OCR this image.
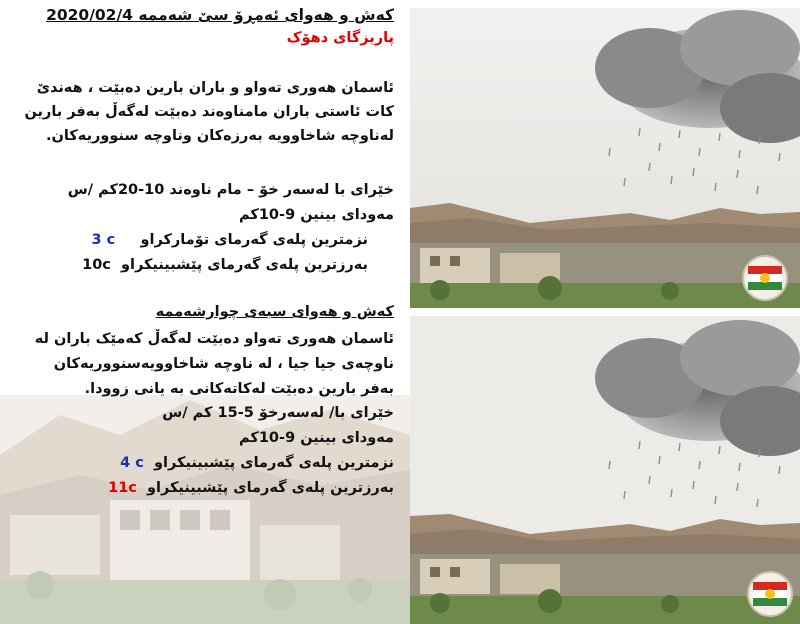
کەش و هەوای ئەمڕۆ سێ شەممە 2020/02/4
پاریزگای دهۆک
ئاسمان هەوری تەواو و باران بارین دەبێت ، هەندێ
کات ئاستی باران مامناوەند دەبێت لەگەڵ بەفر بارین
لەناوچە شاخاوویە بەرزەکان وناوچە سنووریەکان.
خێرای با لەسەر خۆ – مام ناوەند 10-20کم /س
مەودای بینین 9-10کم
نزمترین پلەی گەرمای تۆمارکراو     3 c
بەرزترین پلەی گەرمای پێشبینیکراو  10c
کەش و هەوای سبەی چوارشەممە
ئاسمان هەوری تەواو دەبێت لەگەڵ کەمێک باران لە
ناوچەی جیا جیا ، لە ناوچە شاخاوویەسنووریەکان
بەفر بارین دەبێت لەکاتەکانی بە یانی زوودا.
خێرای با/ لەسەرخۆ 5-15 کم /س
مەودای بینین 9-10کم
نزمترین پلەی گەرمای پێشبینیکراو  4 c
بەرزترین پلەی گەرمای پێشبینیکراو  11c
